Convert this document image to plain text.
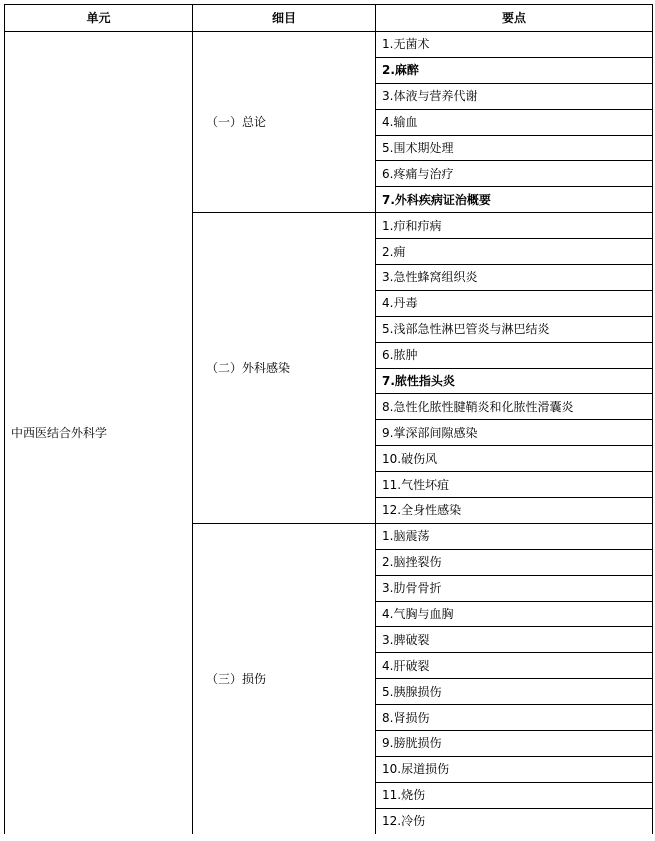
单元	细目	要点
中西医结合外科学	（一）总论	1.无菌术
		2.麻醉
		3.体液与营养代谢
		4.输血
		5.围术期处理
		6.疼痛与治疗
		7.外科疾病证治概要
	（二）外科感染	1.疖和疖病
		2.痈
		3.急性蜂窝组织炎
		4.丹毒
		5.浅部急性淋巴管炎与淋巴结炎
		6.脓肿
		7.脓性指头炎
		8.急性化脓性腱鞘炎和化脓性滑囊炎
		9.掌深部间隙感染
		10.破伤风
		11.气性坏疽
		12.全身性感染
	（三）损伤	1.脑震荡
		2.脑挫裂伤
		3.肋骨骨折
		4.气胸与血胸
		3.脾破裂
		4.肝破裂
		5.胰腺损伤
		8.肾损伤
		9.膀胱损伤
		10.尿道损伤
		11.烧伤
		12.冷伤
